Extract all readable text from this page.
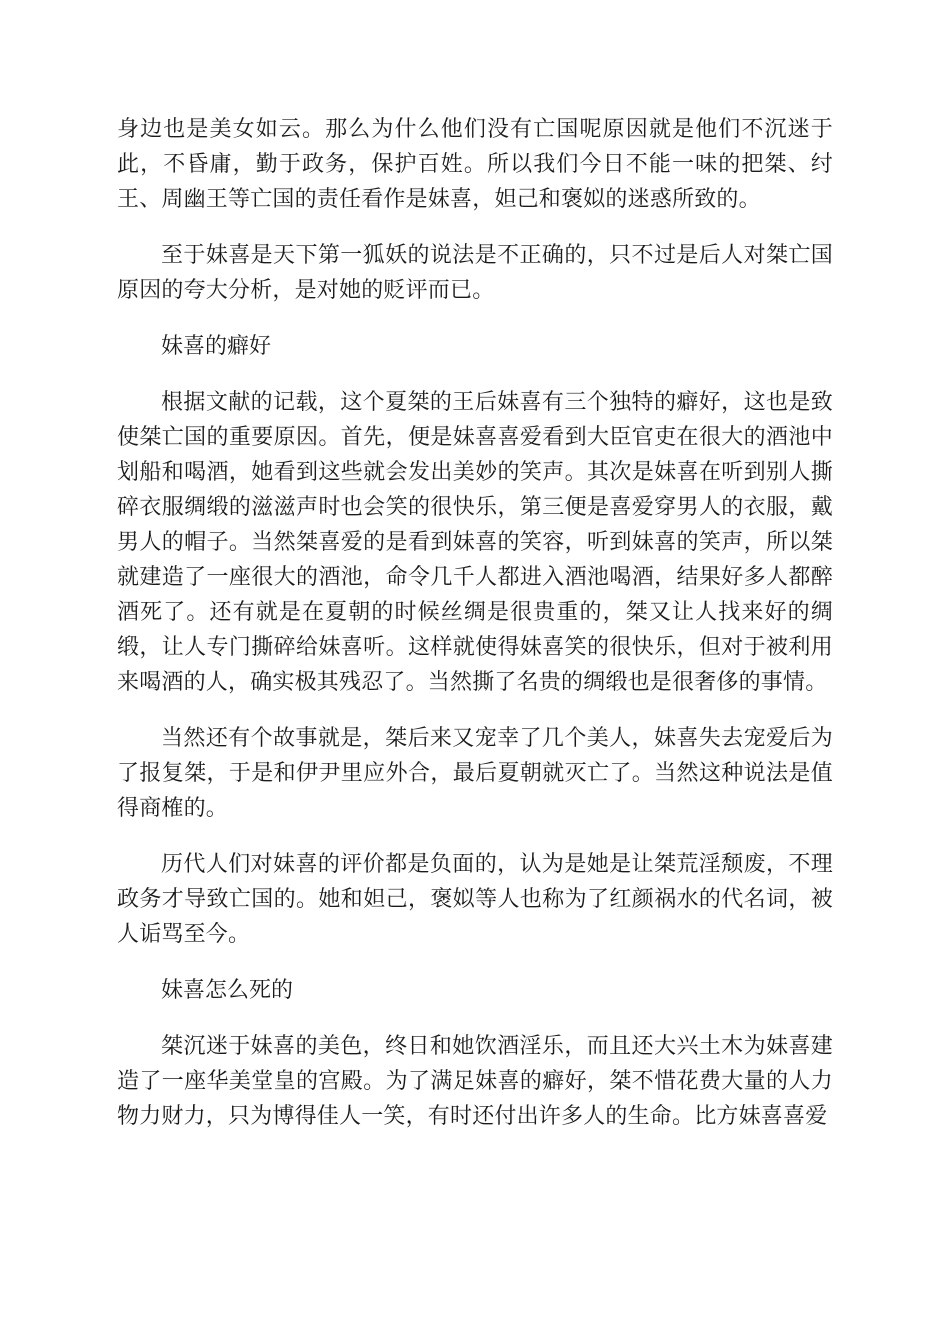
身边也是美女如云。那么为什么他们没有亡国呢原因就是他们不沉迷于此，不昏庸，勤于政务，保护百姓。所以我们今日不能一味的把桀、纣王、周幽王等亡国的责任看作是妹喜，妲己和褒姒的迷惑所致的。

至于妹喜是天下第一狐妖的说法是不正确的，只不过是后人对桀亡国原因的夸大分析，是对她的贬评而已。

妹喜的癖好

根据文献的记载，这个夏桀的王后妹喜有三个独特的癖好，这也是致使桀亡国的重要原因。首先，便是妹喜喜爱看到大臣官吏在很大的酒池中划船和喝酒，她看到这些就会发出美妙的笑声。其次是妹喜在听到别人撕碎衣服绸缎的滋滋声时也会笑的很快乐，第三便是喜爱穿男人的衣服，戴男人的帽子。当然桀喜爱的是看到妹喜的笑容，听到妹喜的笑声，所以桀就建造了一座很大的酒池，命令几千人都进入酒池喝酒，结果好多人都醉酒死了。还有就是在夏朝的时候丝绸是很贵重的，桀又让人找来好的绸缎，让人专门撕碎给妹喜听。这样就使得妹喜笑的很快乐，但对于被利用来喝酒的人，确实极其残忍了。当然撕了名贵的绸缎也是很奢侈的事情。

当然还有个故事就是，桀后来又宠幸了几个美人，妹喜失去宠爱后为了报复桀，于是和伊尹里应外合，最后夏朝就灭亡了。当然这种说法是值得商榷的。

历代人们对妹喜的评价都是负面的，认为是她是让桀荒淫颓废，不理政务才导致亡国的。她和妲己，褒姒等人也称为了红颜祸水的代名词，被人诟骂至今。

妹喜怎么死的

桀沉迷于妹喜的美色，终日和她饮酒淫乐，而且还大兴土木为妹喜建造了一座华美堂皇的宫殿。为了满足妹喜的癖好，桀不惜花费大量的人力物力财力，只为博得佳人一笑，有时还付出许多人的生命。比方妹喜喜爱
